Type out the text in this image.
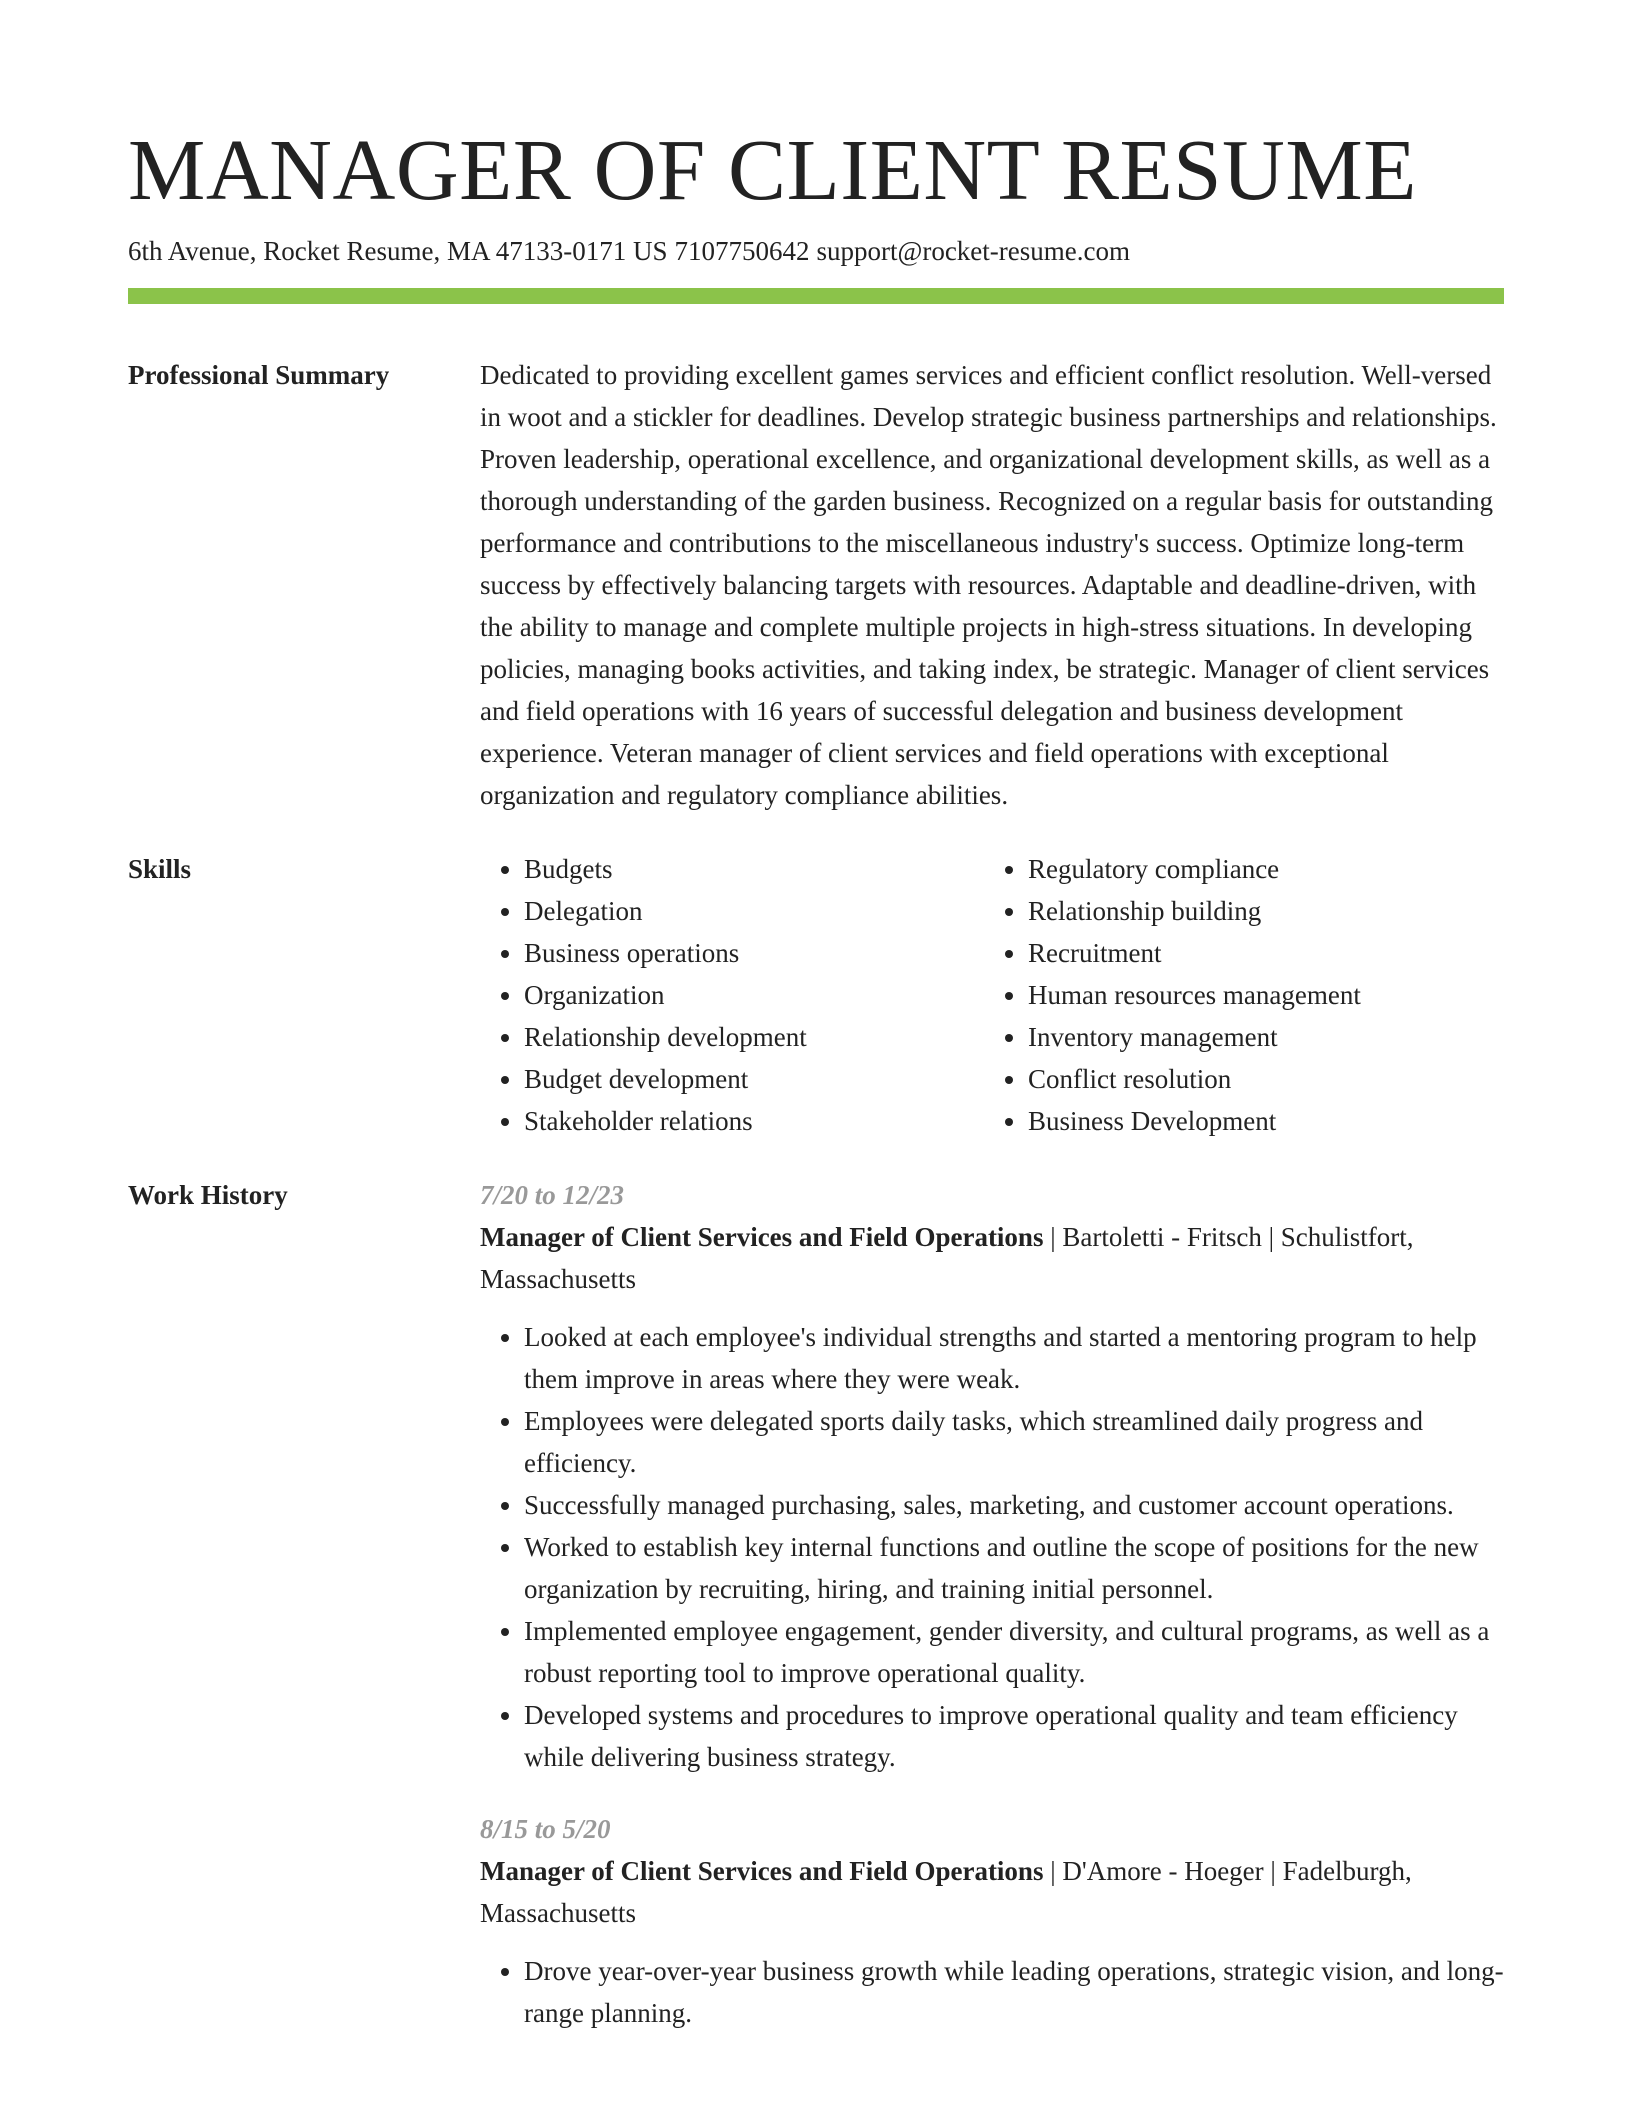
MANAGER OF CLIENT RESUME
6th Avenue, Rocket Resume, MA 47133-0171 US 7107750642 support@rocket-resume.com
Professional Summary	Dedicated to providing excellent games services and efficient conflict resolution. Well-versed in woot and a stickler for deadlines. Develop strategic business partnerships and relationships. Proven leadership, operational excellence, and organizational development skills, as well as a thorough understanding of the garden business. Recognized on a regular basis for outstanding performance and contributions to the miscellaneous industry's success. Optimize long-term success by effectively balancing targets with resources. Adaptable and deadline-driven, with the ability to manage and complete multiple projects in high-stress situations. In developing policies, managing books activities, and taking index, be strategic. Manager of client services and field operations with 16 years of successful delegation and business development experience. Veteran manager of client services and field operations with exceptional organization and regulatory compliance abilities.

Skills
•	Budgets
• Delegation
• Business operations
• Organization
• Relationship development
• Budget development
• Stakeholder relations
• Regulatory compliance
• Relationship building
• Recruitment
• Human resources management
• Inventory management
• Conflict resolution
• Business Development
Work History	7/20 to 12/23

Manager of Client Services and Field Operations | Bartoletti - Fritsch | Schulistfort, Massachusetts

• Looked at each employee's individual strengths and started a mentoring program to help them improve in areas where they were weak.
• Employees were delegated sports daily tasks, which streamlined daily progress and efficiency.
• Successfully managed purchasing, sales, marketing, and customer account operations.
• Worked to establish key internal functions and outline the scope of positions for the new organization by recruiting, hiring, and training initial personnel.
• Implemented employee engagement, gender diversity, and cultural programs, as well as a robust reporting tool to improve operational quality.
• Developed systems and procedures to improve operational quality and team efficiency while delivering business strategy.
8/15 to 5/20

Manager of Client Services and Field Operations | D'Amore - Hoeger | Fadelburgh, Massachusetts

• Drove year-over-year business growth while leading operations, strategic vision, and long-range planning.
